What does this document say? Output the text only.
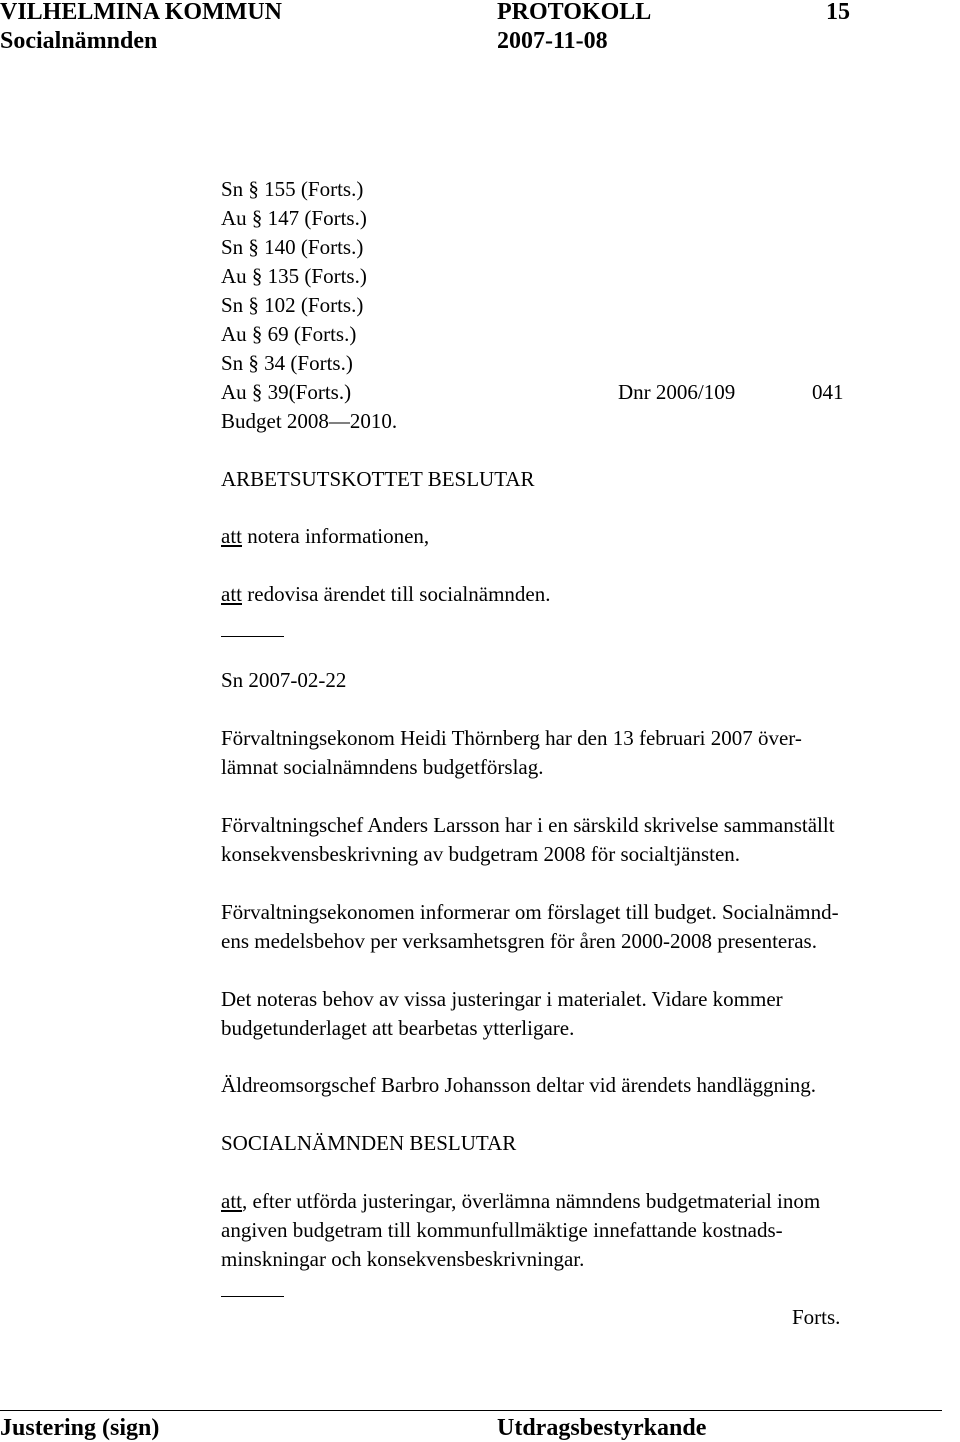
VILHELMINA KOMMUN	PROTOKOLL	15
Socialnämnden	2007-11-08
Sn § 155 (Forts.)
Au § 147 (Forts.)
Sn § 140 (Forts.)
Au § 135 (Forts.)
Sn § 102 (Forts.)
Au § 69 (Forts.)
Sn § 34 (Forts.)
Au § 39(Forts.)
Budget 2008—2010.
Dnr 2006/109	041
ARBETSUTSKOTTET BESLUTAR
att notera informationen,
att redovisa ärendet till socialnämnden.
Sn 2007-02-22
Förvaltningsekonom Heidi Thörnberg har den 13 februari 2007 över-
lämnat socialnämndens budgetförslag.
Förvaltningschef Anders Larsson har i en särskild skrivelse sammanställt
konsekvensbeskrivning av budgetram 2008 för socialtjänsten.
Förvaltningsekonomen informerar om förslaget till budget. Socialnämnd-
ens medelsbehov per verksamhetsgren för åren 2000-2008 presenteras.
Det noteras behov av vissa justeringar i materialet. Vidare kommer
budgetunderlaget att bearbetas ytterligare.
Äldreomsorgschef Barbro Johansson deltar vid ärendets handläggning.
SOCIALNÄMNDEN BESLUTAR
att, efter utförda justeringar, överlämna nämndens budgetmaterial inom
angiven budgetram till kommunfullmäktige innefattande kostnads-
minskningar och konsekvensbeskrivningar.
Forts.
Justering (sign)	Utdragsbestyrkande
